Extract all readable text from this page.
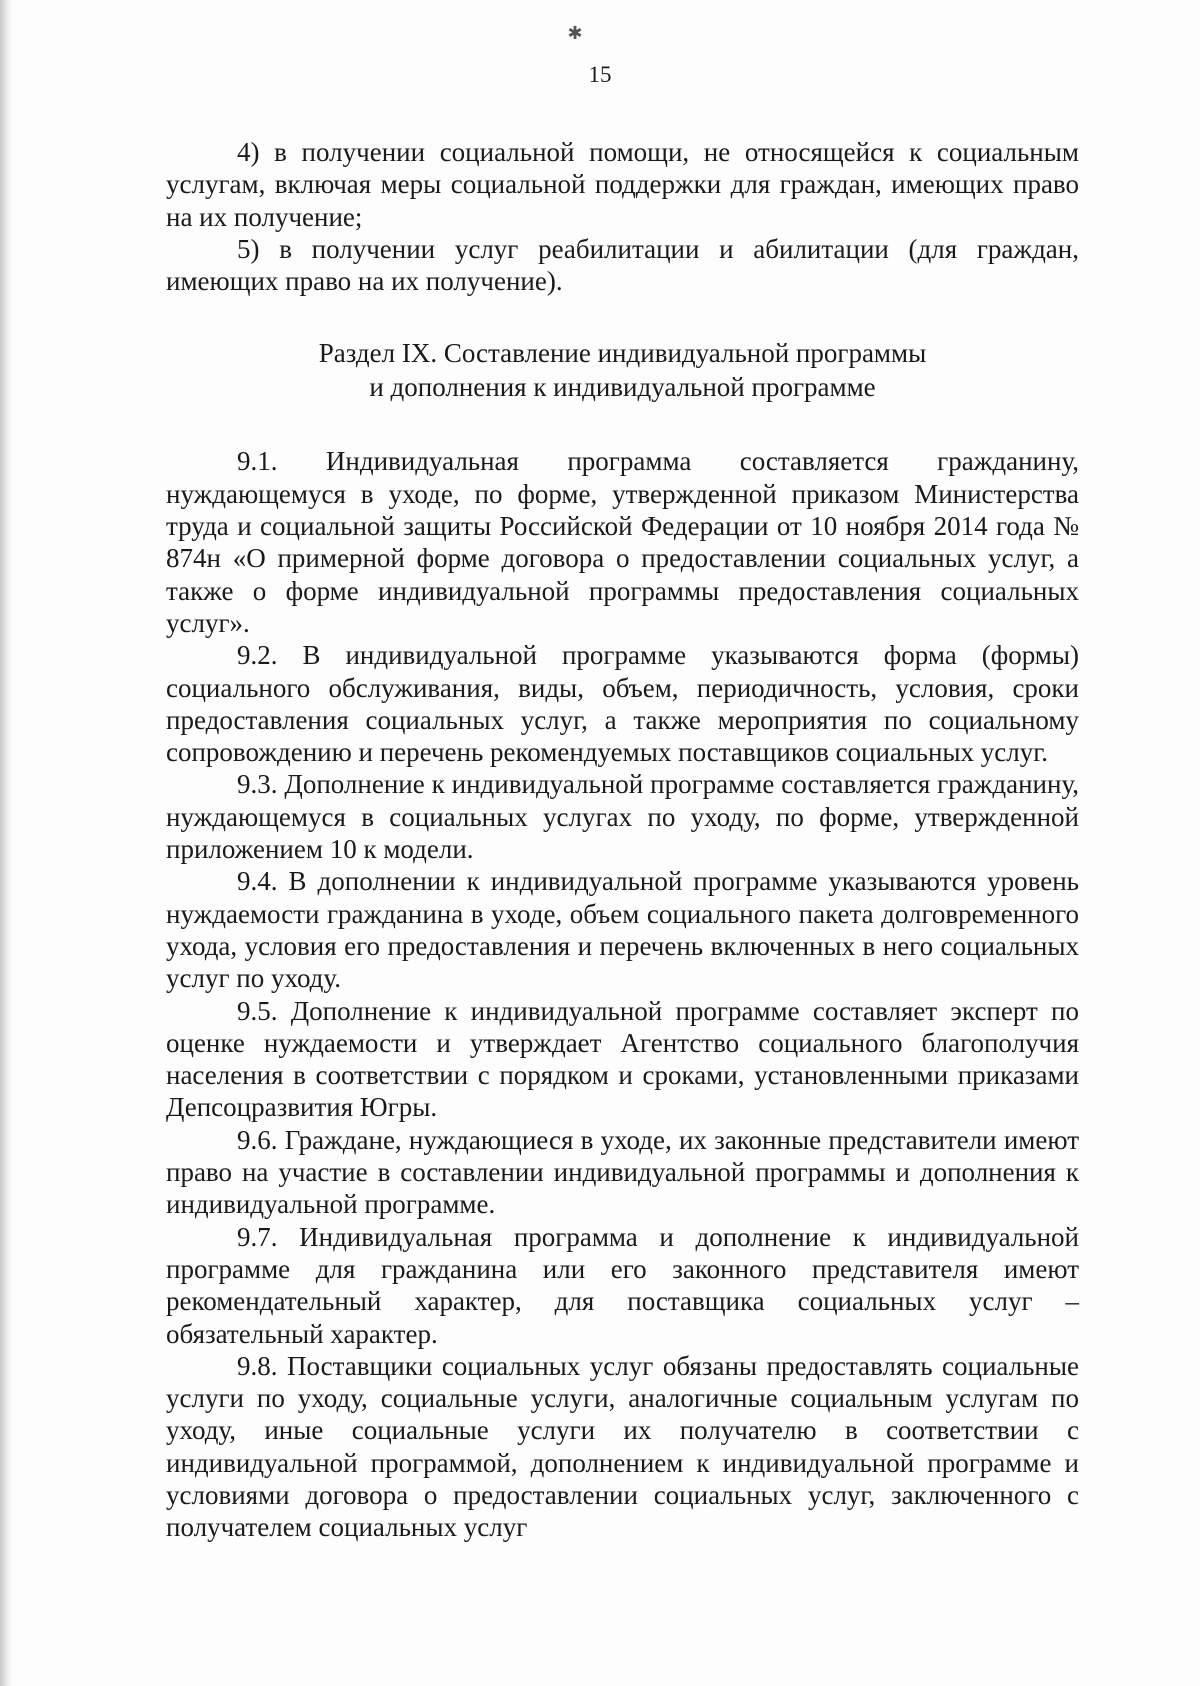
✱
15

4) в получении социальной помощи, не относящейся к социальным услугам, включая меры социальной поддержки для граждан, имеющих право на их получение;

5) в получении услуг реабилитации и абилитации (для граждан, имеющих право на их получение).

Раздел IX. Составление индивидуальной программы
и дополнения к индивидуальной программе

9.1. Индивидуальная программа составляется гражданину, нуждающемуся в уходе, по форме, утвержденной приказом Министерства труда и социальной защиты Российской Федерации от 10 ноября 2014 года № 874н «О примерной форме договора о предоставлении социальных услуг, а также о форме индивидуальной программы предоставления социальных услуг».

9.2. В индивидуальной программе указываются форма (формы) социального обслуживания, виды, объем, периодичность, условия, сроки предоставления социальных услуг, а также мероприятия по социальному сопровождению и перечень рекомендуемых поставщиков социальных услуг.

9.3. Дополнение к индивидуальной программе составляется гражданину, нуждающемуся в социальных услугах по уходу, по форме, утвержденной приложением 10 к модели.

9.4. В дополнении к индивидуальной программе указываются уровень нуждаемости гражданина в уходе, объем социального пакета долговременного ухода, условия его предоставления и перечень включенных в него социальных услуг по уходу.

9.5. Дополнение к индивидуальной программе составляет эксперт по оценке нуждаемости и утверждает Агентство социального благополучия населения в соответствии с порядком и сроками, установленными приказами Депсоцразвития Югры.

9.6. Граждане, нуждающиеся в уходе, их законные представители имеют право на участие в составлении индивидуальной программы и дополнения к индивидуальной программе.

9.7. Индивидуальная программа и дополнение к индивидуальной программе для гражданина или его законного представителя имеют рекомендательный характер, для поставщика социальных услуг – обязательный характер.

9.8. Поставщики социальных услуг обязаны предоставлять социальные услуги по уходу, социальные услуги, аналогичные социальным услугам по уходу, иные социальные услуги их получателю в соответствии с индивидуальной программой, дополнением к индивидуальной программе и условиями договора о предоставлении социальных услуг, заключенного с получателем социальных услуг
